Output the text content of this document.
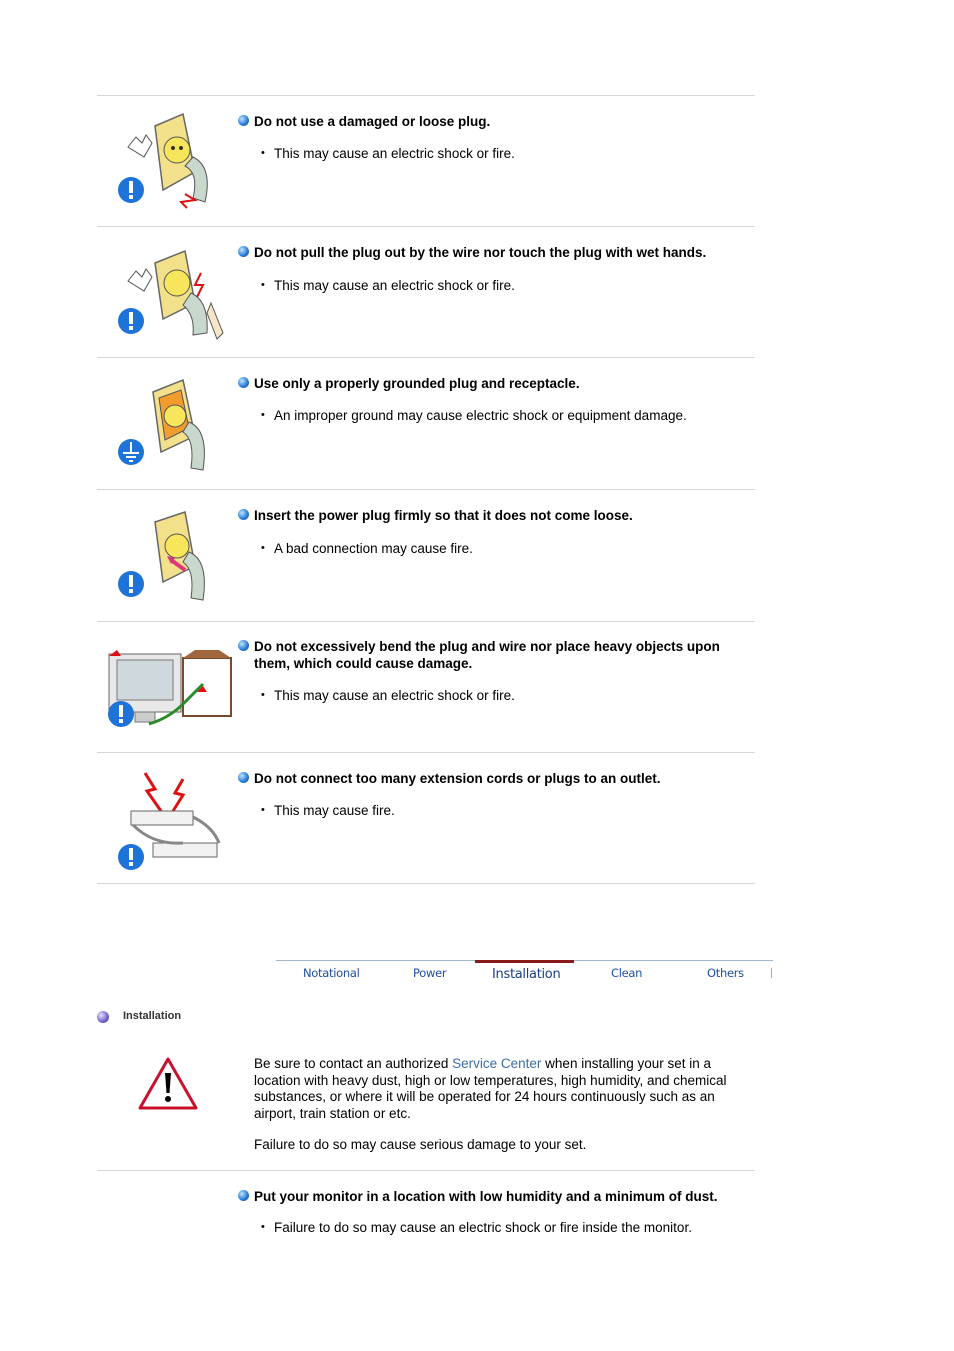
Do not use a damaged or loose plug.
• This may cause an electric shock or fire.
Do not pull the plug out by the wire nor touch the plug with wet hands.
• This may cause an electric shock or fire.
Use only a properly grounded plug and receptacle.
• An improper ground may cause electric shock or equipment damage.
Insert the power plug firmly so that it does not come loose.
• A bad connection may cause fire.
Do not excessively bend the plug and wire nor place heavy objects upon them, which could cause damage.
• This may cause an electric shock or fire.
Do not connect too many extension cords or plugs to an outlet.
• This may cause fire.
Notational	Power	Installation	Clean	Others
Installation
Be sure to contact an authorized Service Center when installing your set in a location with heavy dust, high or low temperatures, high humidity, and chemical substances, or where it will be operated for 24 hours continuously such as an airport, train station or etc.
Failure to do so may cause serious damage to your set.
Put your monitor in a location with low humidity and a minimum of dust.
• Failure to do so may cause an electric shock or fire inside the monitor.
